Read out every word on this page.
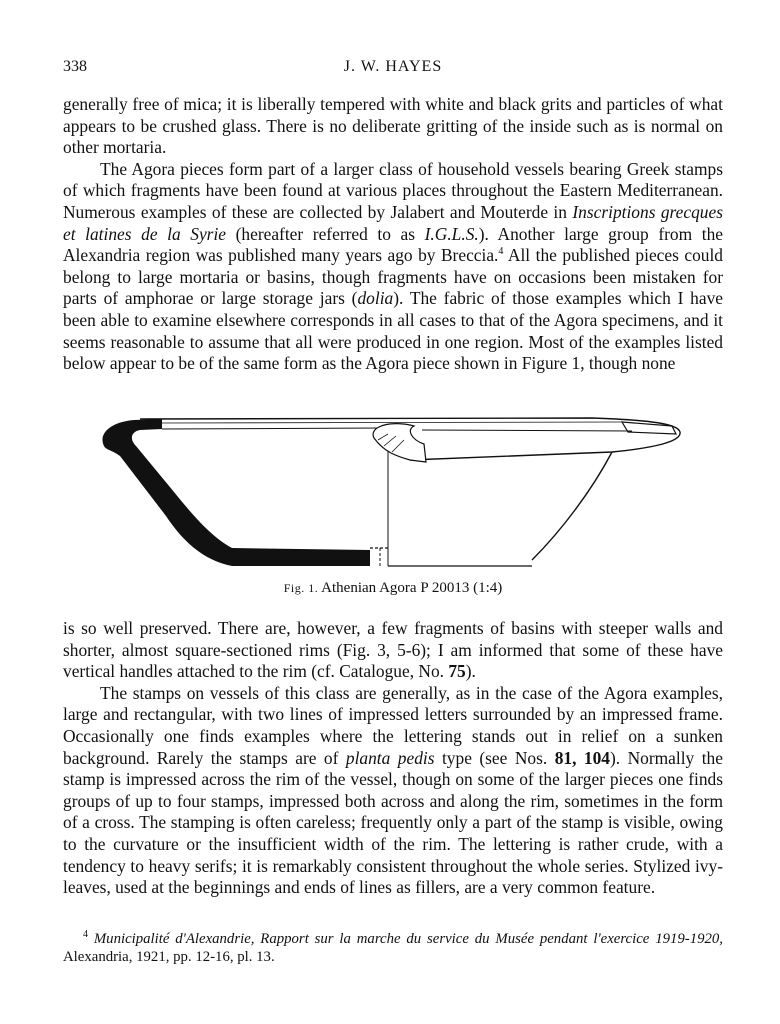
338	J. W. HAYES

generally free of mica; it is liberally tempered with white and black grits and particles of what appears to be crushed glass. There is no deliberate gritting of the inside such as is normal on other mortaria.

The Agora pieces form part of a larger class of household vessels bearing Greek stamps of which fragments have been found at various places throughout the Eastern Mediterranean. Numerous examples of these are collected by Jalabert and Mouterde in Inscriptions grecques et latines de la Syrie (hereafter referred to as I.G.L.S.). Another large group from the Alexandria region was published many years ago by Breccia.$^4$ All the published pieces could belong to large mortaria or basins, though fragments have on occasions been mistaken for parts of amphorae or large storage jars (dolia). The fabric of those examples which I have been able to examine elsewhere corresponds in all cases to that of the Agora specimens, and it seems reasonable to assume that all were produced in one region. Most of the examples listed below appear to be of the same form as the Agora piece shown in Figure 1, though none

Fig. 1. Athenian Agora P 20013 (1:4)

is so well preserved. There are, however, a few fragments of basins with steeper walls and shorter, almost square-sectioned rims (Fig. 3, 5-6); I am informed that some of these have vertical handles attached to the rim (cf. Catalogue, No. 75).

The stamps on vessels of this class are generally, as in the case of the Agora examples, large and rectangular, with two lines of impressed letters surrounded by an impressed frame. Occasionally one finds examples where the lettering stands out in relief on a sunken background. Rarely the stamps are of planta pedis type (see Nos. 81, 104). Normally the stamp is impressed across the rim of the vessel, though on some of the larger pieces one finds groups of up to four stamps, impressed both across and along the rim, sometimes in the form of a cross. The stamping is often careless; frequently only a part of the stamp is visible, owing to the curvature or the insufficient width of the rim. The lettering is rather crude, with a tendency to heavy serifs; it is remarkably consistent throughout the whole series. Stylized ivy-leaves, used at the beginnings and ends of lines as fillers, are a very common feature.

$^4$ Municipalité d'Alexandrie, Rapport sur la marche du service du Musée pendant l'exercice 1919-1920, Alexandria, 1921, pp. 12-16, pl. 13.
